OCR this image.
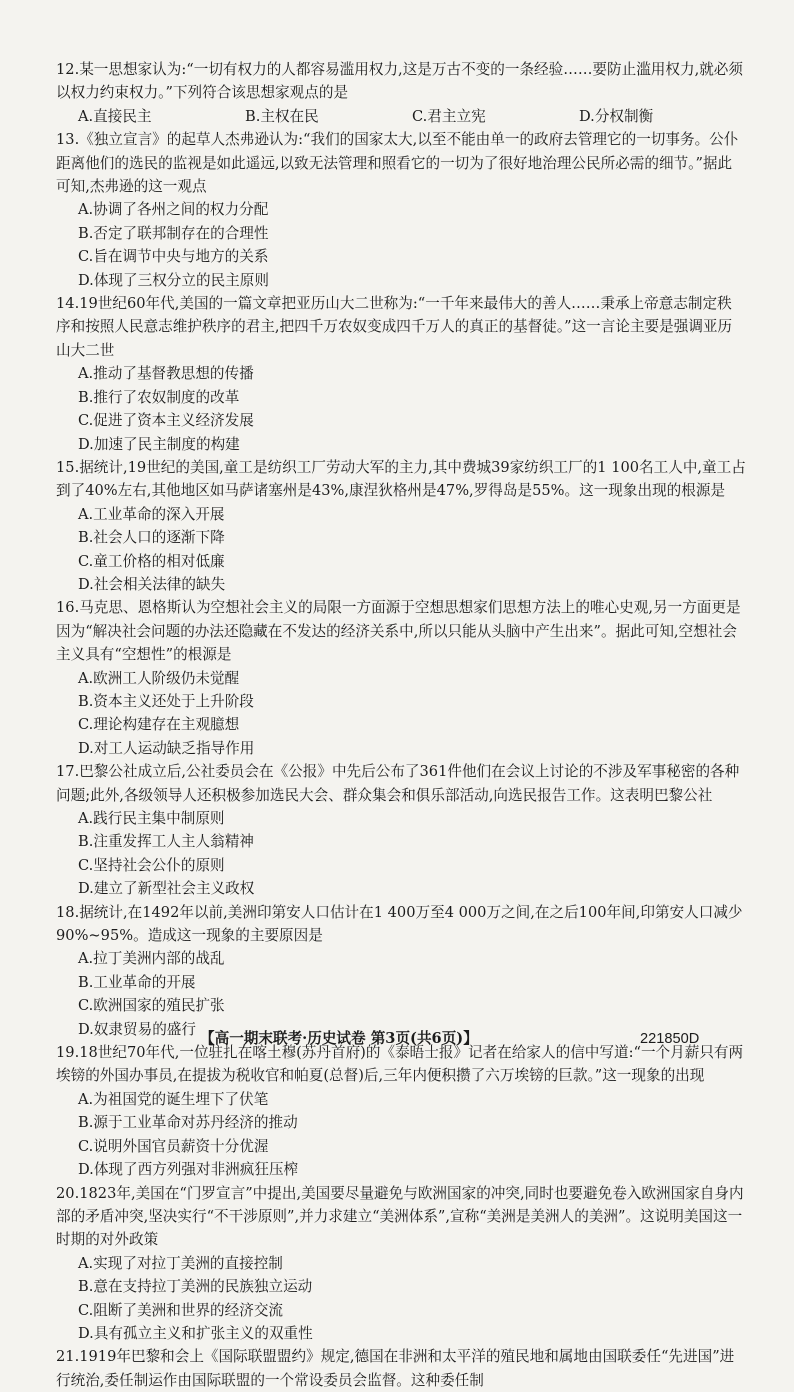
12.某一思想家认为:“一切有权力的人都容易滥用权力,这是万古不变的一条经验……要防止滥用权力,就必须以权力约束权力。”下列符合该思想家观点的是

A.直接民主	B.主权在民	C.君主立宪	D.分权制衡

13.《独立宣言》的起草人杰弗逊认为:“我们的国家太大,以至不能由单一的政府去管理它的一切事务。公仆距离他们的选民的监视是如此遥远,以致无法管理和照看它的一切为了很好地治理公民所必需的细节。”据此可知,杰弗逊的这一观点

A.协调了各州之间的权力分配
B.否定了联邦制存在的合理性
C.旨在调节中央与地方的关系
D.体现了三权分立的民主原则

14.19世纪60年代,美国的一篇文章把亚历山大二世称为:“一千年来最伟大的善人……秉承上帝意志制定秩序和按照人民意志维护秩序的君主,把四千万农奴变成四千万人的真正的基督徒。”这一言论主要是强调亚历山大二世

A.推动了基督教思想的传播
B.推行了农奴制度的改革
C.促进了资本主义经济发展
D.加速了民主制度的构建

15.据统计,19世纪的美国,童工是纺织工厂劳动大军的主力,其中费城39家纺织工厂的1 100名工人中,童工占到了40%左右,其他地区如马萨诸塞州是43%,康涅狄格州是47%,罗得岛是55%。这一现象出现的根源是

A.工业革命的深入开展
B.社会人口的逐渐下降
C.童工价格的相对低廉
D.社会相关法律的缺失

16.马克思、恩格斯认为空想社会主义的局限一方面源于空想思想家们思想方法上的唯心史观,另一方面更是因为“解决社会问题的办法还隐藏在不发达的经济关系中,所以只能从头脑中产生出来”。据此可知,空想社会主义具有“空想性”的根源是

A.欧洲工人阶级仍未觉醒
B.资本主义还处于上升阶段
C.理论构建存在主观臆想
D.对工人运动缺乏指导作用

17.巴黎公社成立后,公社委员会在《公报》中先后公布了361件他们在会议上讨论的不涉及军事秘密的各种问题;此外,各级领导人还积极参加选民大会、群众集会和俱乐部活动,向选民报告工作。这表明巴黎公社

A.践行民主集中制原则
B.注重发挥工人主人翁精神
C.坚持社会公仆的原则
D.建立了新型社会主义政权

18.据统计,在1492年以前,美洲印第安人口估计在1 400万至4 000万之间,在之后100年间,印第安人口减少90%~95%。造成这一现象的主要原因是

A.拉丁美洲内部的战乱
B.工业革命的开展
C.欧洲国家的殖民扩张
D.奴隶贸易的盛行

19.18世纪70年代,一位驻扎在喀土穆(苏丹首府)的《泰晤士报》记者在给家人的信中写道:“一个月薪只有两埃镑的外国办事员,在提拔为税收官和帕夏(总督)后,三年内便积攒了六万埃镑的巨款。”这一现象的出现

A.为祖国党的诞生埋下了伏笔
B.源于工业革命对苏丹经济的推动
C.说明外国官员薪资十分优渥
D.体现了西方列强对非洲疯狂压榨

20.1823年,美国在“门罗宣言”中提出,美国要尽量避免与欧洲国家的冲突,同时也要避免卷入欧洲国家自身内部的矛盾冲突,坚决实行“不干涉原则”,并力求建立“美洲体系”,宣称“美洲是美洲人的美洲”。这说明美国这一时期的对外政策

A.实现了对拉丁美洲的直接控制
B.意在支持拉丁美洲的民族独立运动
C.阻断了美洲和世界的经济交流
D.具有孤立主义和扩张主义的双重性

21.1919年巴黎和会上《国际联盟盟约》规定,德国在非洲和太平洋的殖民地和属地由国联委任“先进国”进行统治,委任制运作由国际联盟的一个常设委员会监督。这种委任制

【高一期末联考·历史试卷 第3页(共6页)】	221850D
